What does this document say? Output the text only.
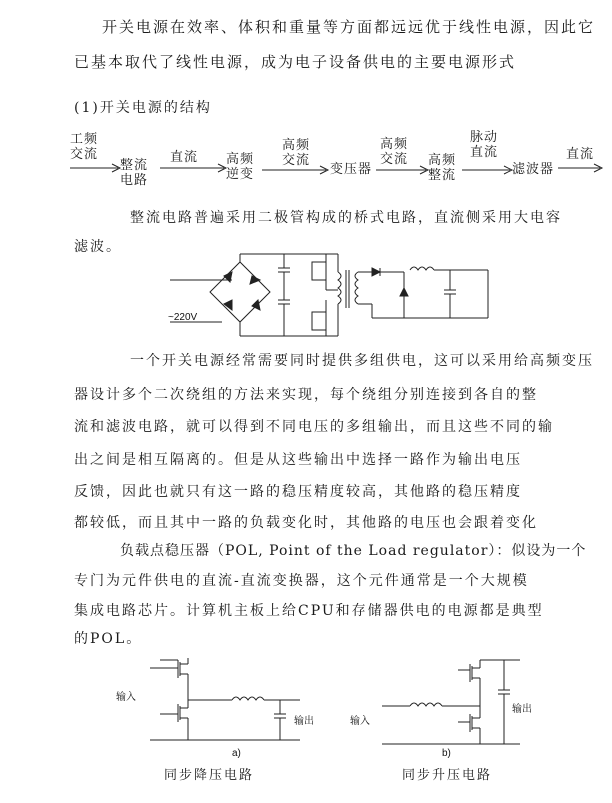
开关电源在效率、体积和重量等方面都远远优于线性电源，因此它
已基本取代了线性电源，成为电子设备供电的主要电源形式
(1)开关电源的结构
工频
交流
整流
电路
直流 高频
逆变
高频
交流
变压器
高频
交流 高频
整流
脉动
直流
滤波器
直流
整流电路普遍采用二极管构成的桥式电路，直流侧采用大电容
滤波。
~220V
一个开关电源经常需要同时提供多组供电，这可以采用给高频变压
器设计多个二次绕组的方法来实现，每个绕组分别连接到各自的整
流和滤波电路，就可以得到不同电压的多组输出，而且这些不同的输
出之间是相互隔离的。但是从这些输出中选择一路作为输出电压
反馈，因此也就只有这一路的稳压精度较高，其他路的稳压精度
都较低，而且其中一路的负载变化时，其他路的电压也会跟着变化
负载点稳压器（POL, Point of the Load regulator）：似设为一个
专门为元件供电的直流-直流变换器，这个元件通常是一个大规模
集成电路芯片。计算机主板上给CPU和存储器供电的电源都是典型
的POL。
输入
输出
a)
同步降压电路
输入
输出
b)
同步升压电路
